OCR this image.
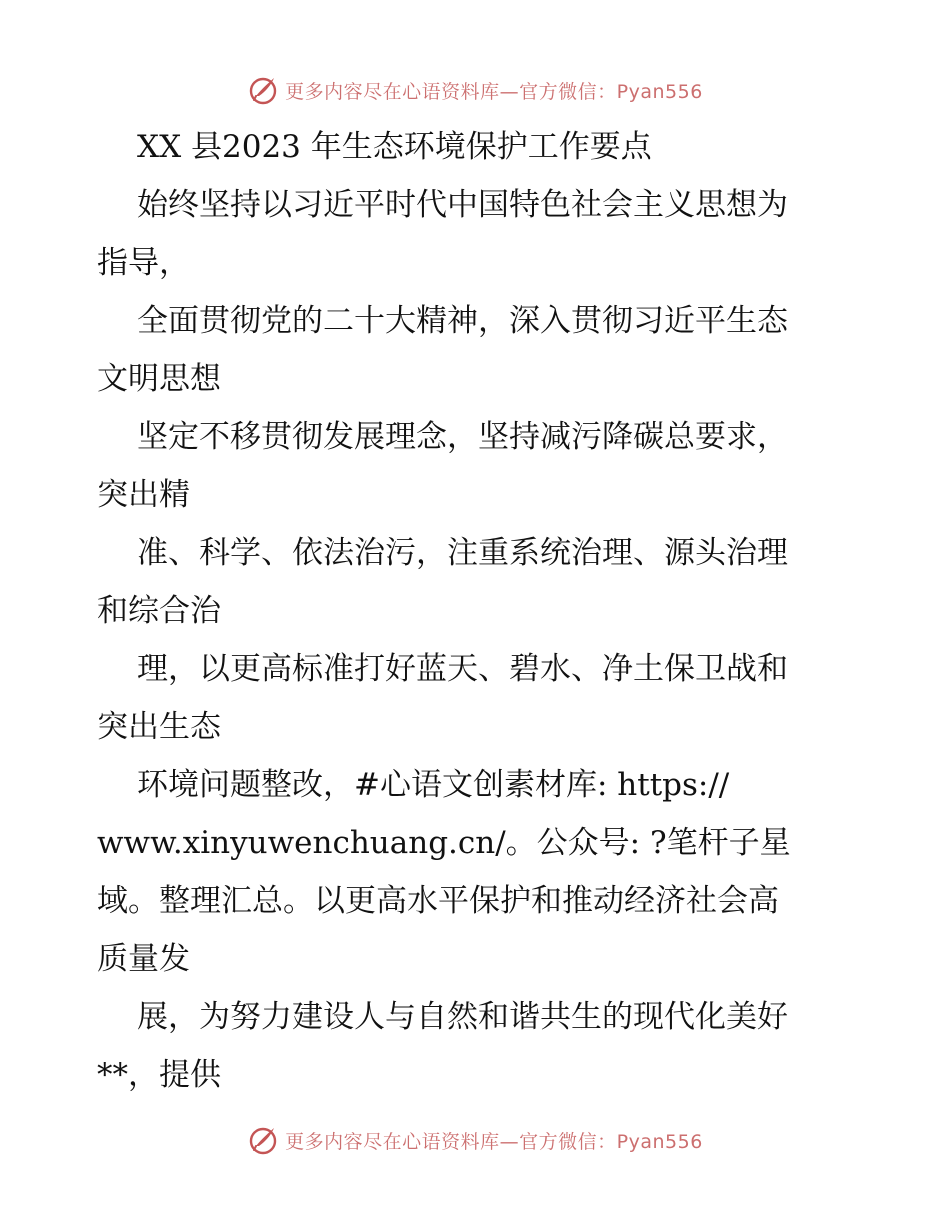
更多内容尽在心语资料库—官方微信：Pyan556
XX 县2023 年生态环境保护工作要点
始终坚持以习近平时代中国特色社会主义思想为
指导，
全面贯彻党的二十大精神，深入贯彻习近平生态
文明思想
坚定不移贯彻发展理念，坚持减污降碳总要求，
突出精
准、科学、依法治污，注重系统治理、源头治理
和综合治
理，以更高标准打好蓝天、碧水、净土保卫战和
突出生态
环境问题整改，#心语文创素材库: https://
www.xinyuwenchuang.cn/。公众号: ?笔杆子星
域。整理汇总。以更高水平保护和推动经济社会高
质量发
展，为努力建设人与自然和谐共生的现代化美好
**，提供
更多内容尽在心语资料库—官方微信：Pyan556
